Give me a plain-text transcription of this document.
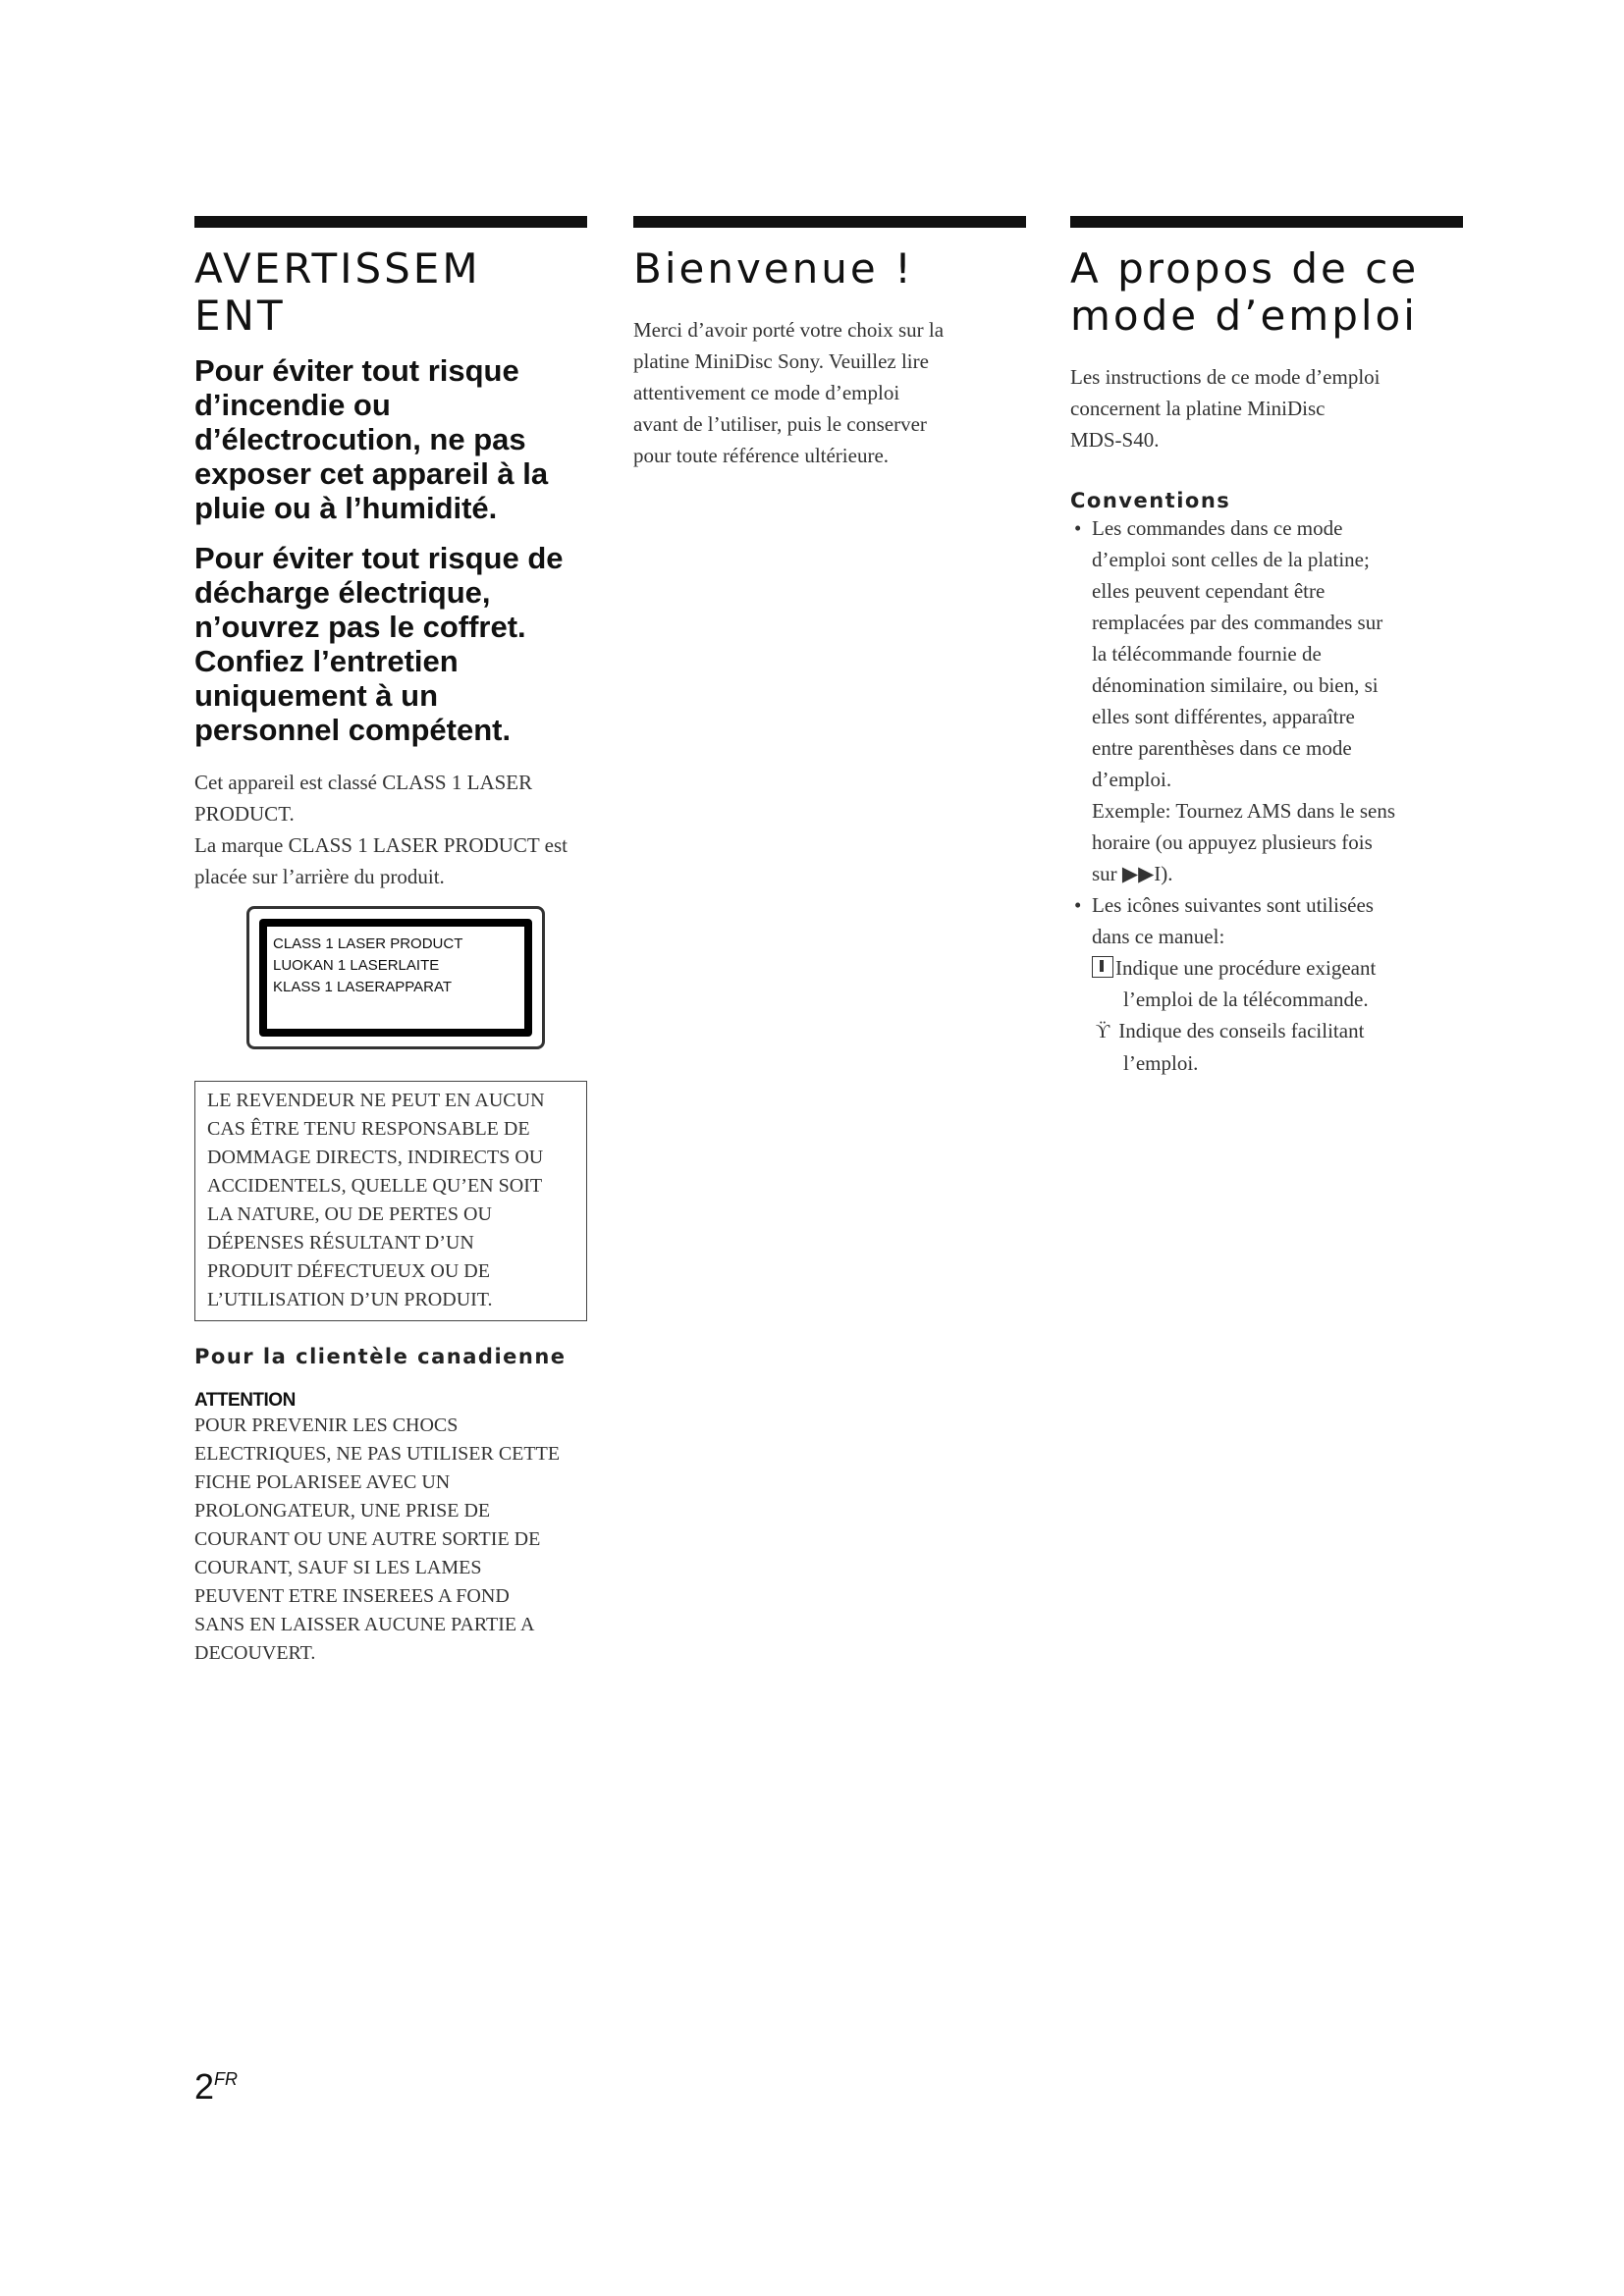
AVERTISSEM ENT
Pour éviter tout risque
d’incendie ou
d’électrocution, ne pas
exposer cet appareil à la
pluie ou à l’humidité.
Pour éviter tout risque de
décharge électrique,
n’ouvrez pas le coffret.
Confiez l’entretien
uniquement à un
personnel compétent.
Cet appareil est classé CLASS 1 LASER
PRODUCT.
La marque CLASS 1 LASER PRODUCT est
placée sur l’arrière du produit.
CLASS 1 LASER PRODUCT
LUOKAN 1 LASERLAITE
KLASS 1 LASERAPPARAT
LE REVENDEUR NE PEUT EN AUCUN
CAS ÊTRE TENU RESPONSABLE DE
DOMMAGE DIRECTS, INDIRECTS OU
ACCIDENTELS, QUELLE QU’EN SOIT
LA NATURE, OU DE PERTES OU
DÉPENSES RÉSULTANT D’UN
PRODUIT DÉFECTUEUX OU DE
L’UTILISATION D’UN PRODUIT.
Pour la clientèle canadienne
ATTENTION
POUR PREVENIR LES CHOCS
ELECTRIQUES, NE PAS UTILISER CETTE
FICHE POLARISEE AVEC UN
PROLONGATEUR, UNE PRISE DE
COURANT OU UNE AUTRE SORTIE DE
COURANT, SAUF SI LES LAMES
PEUVENT ETRE INSEREES A FOND
SANS EN LAISSER AUCUNE PARTIE A
DECOUVERT.
Bienvenue !
Merci d’avoir porté votre choix sur la
platine MiniDisc Sony. Veuillez lire
attentivement ce mode d’emploi
avant de l’utiliser, puis le conserver
pour toute référence ultérieure.
A propos de ce
mode d’emploi
Les instructions de ce mode d’emploi
concernent la platine MiniDisc
MDS-S40.
Conventions
• Les commandes dans ce mode
d’emploi sont celles de la platine;
elles peuvent cependant être
remplacées par des commandes sur
la télécommande fournie de
dénomination similaire, ou bien, si
elles sont différentes, apparaître
entre parenthèses dans ce mode
d’emploi.
Exemple: Tournez AMS dans le sens
horaire (ou appuyez plusieurs fois
sur ▶▶I).
• Les icônes suivantes sont utilisées
dans ce manuel:
Indique une procédure exigeant
l’emploi de la télécommande.
ϔ Indique des conseils facilitant
l’emploi.
$2^{FR}$
